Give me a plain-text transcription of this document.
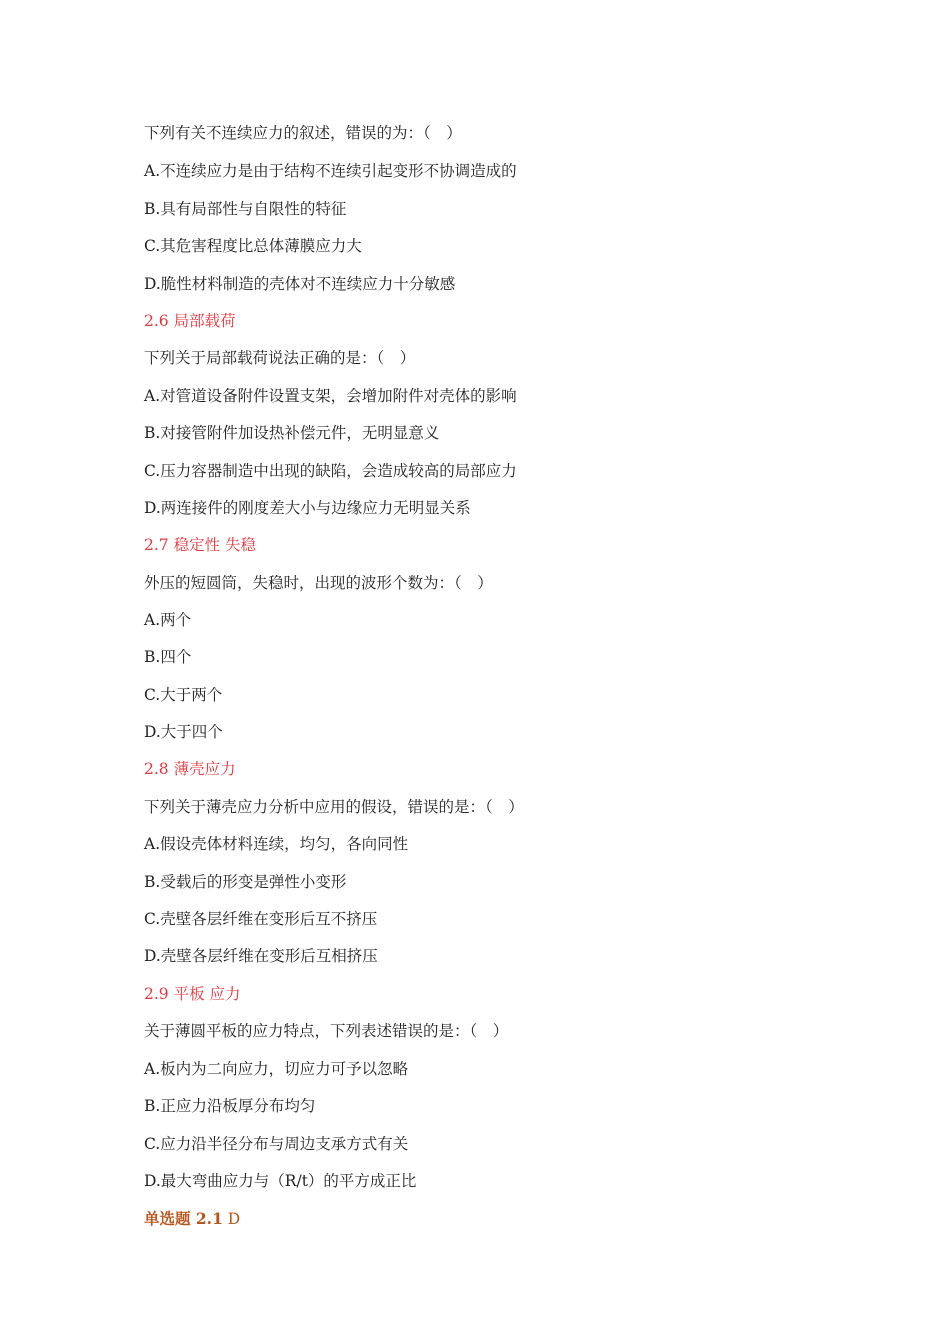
下列有关不连续应力的叙述，错误的为：（　）
A.不连续应力是由于结构不连续引起变形不协调造成的
B.具有局部性与自限性的特征
C.其危害程度比总体薄膜应力大
D.脆性材料制造的壳体对不连续应力十分敏感
2.6 局部载荷
下列关于局部载荷说法正确的是：（　）
A.对管道设备附件设置支架，会增加附件对壳体的影响
B.对接管附件加设热补偿元件，无明显意义
C.压力容器制造中出现的缺陷，会造成较高的局部应力
D.两连接件的刚度差大小与边缘应力无明显关系
2.7 稳定性 失稳
外压的短圆筒，失稳时，出现的波形个数为：（　）
A.两个
B.四个
C.大于两个
D.大于四个
2.8 薄壳应力
下列关于薄壳应力分析中应用的假设，错误的是：（　）
A.假设壳体材料连续，均匀，各向同性
B.受载后的形变是弹性小变形
C.壳壁各层纤维在变形后互不挤压
D.壳壁各层纤维在变形后互相挤压
2.9 平板 应力
关于薄圆平板的应力特点，下列表述错误的是：（　）
A.板内为二向应力，切应力可予以忽略
B.正应力沿板厚分布均匀
C.应力沿半径分布与周边支承方式有关
D.最大弯曲应力与（R/t）的平方成正比
单选题 2.1 D
